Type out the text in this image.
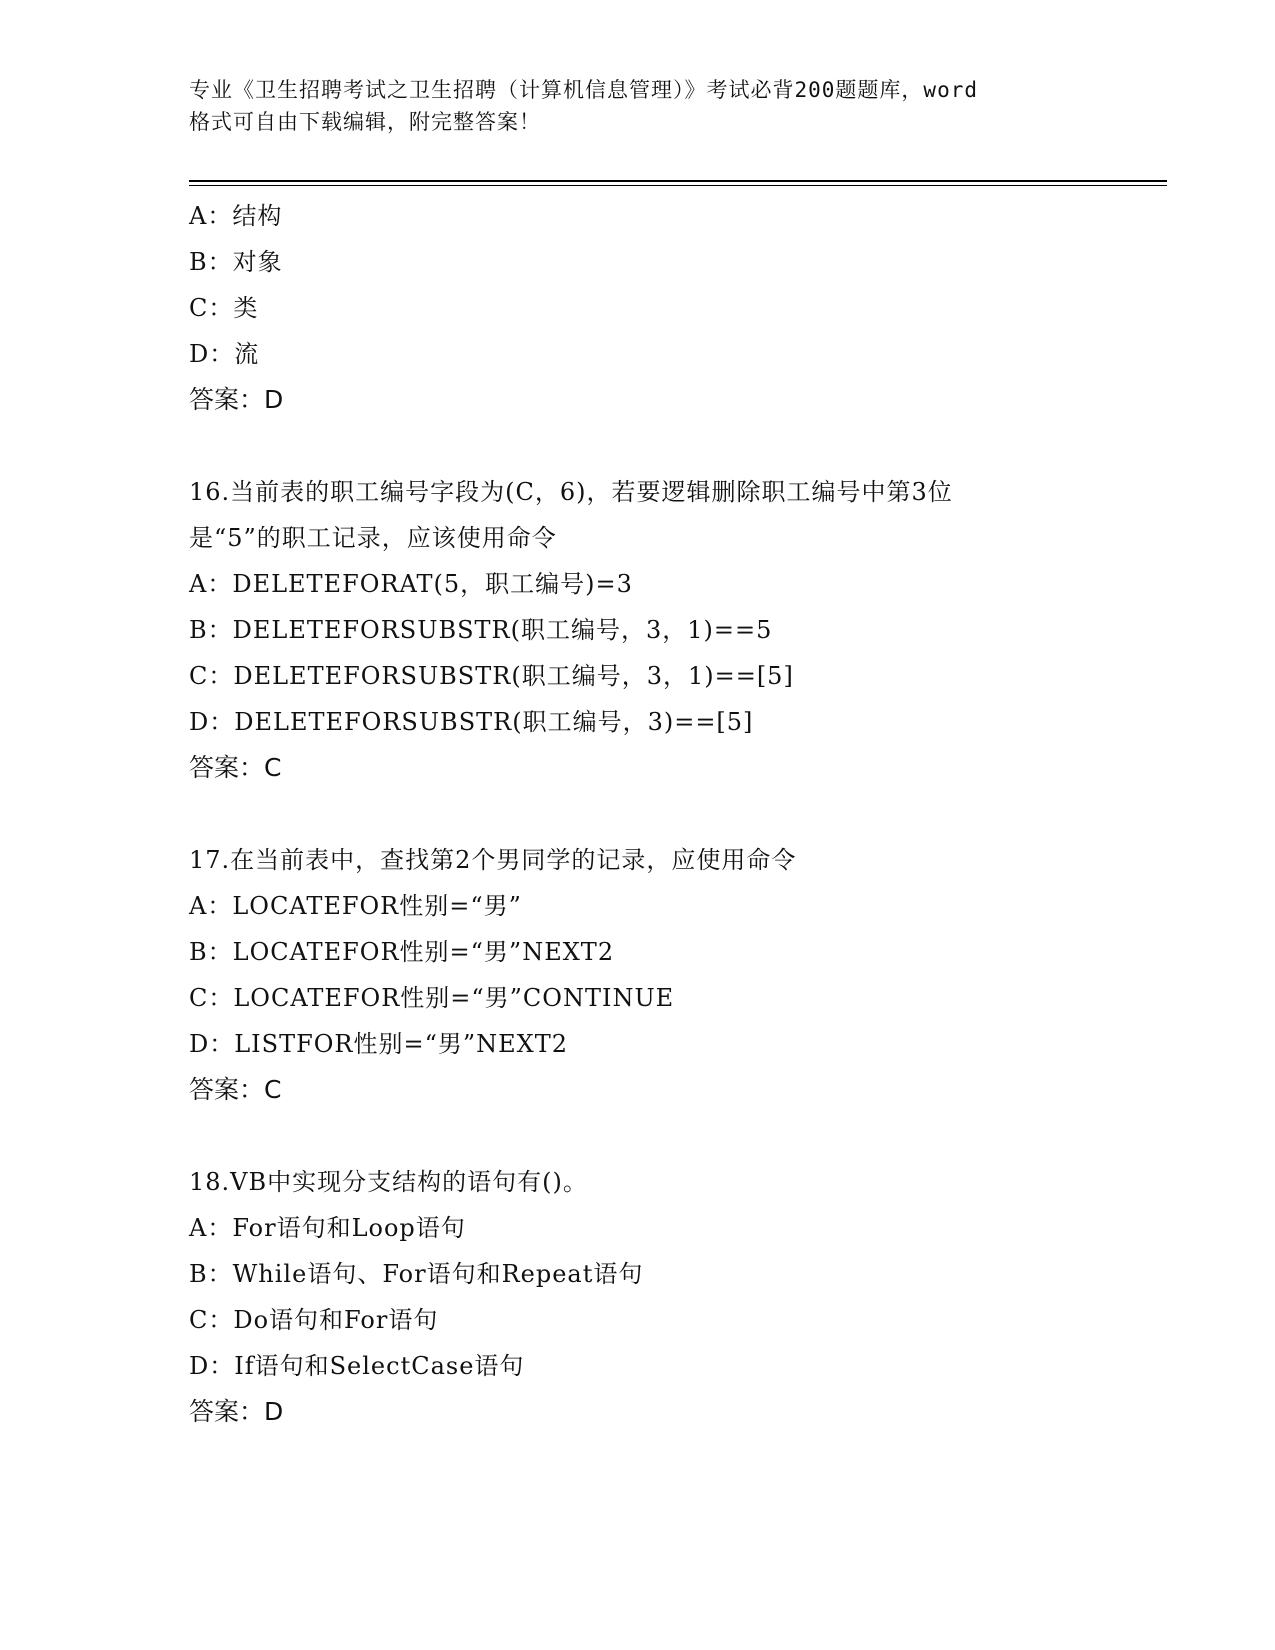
专业《卫生招聘考试之卫生招聘（计算机信息管理）》考试必背200题题库，word
格式可自由下载编辑，附完整答案！
A：结构
B：对象
C：类
D：流
答案：D
16.当前表的职工编号字段为(C，6)，若要逻辑删除职工编号中第3位
是“5”的职工记录，应该使用命令
A：DELETEFORAT(5，职工编号)=3
B：DELETEFORSUBSTR(职工编号，3，1)==5
C：DELETEFORSUBSTR(职工编号，3，1)==[5]
D：DELETEFORSUBSTR(职工编号，3)==[5]
答案：C
17.在当前表中，查找第2个男同学的记录，应使用命令
A：LOCATEFOR性别=“男”
B：LOCATEFOR性别=“男”NEXT2
C：LOCATEFOR性别=“男”CONTINUE
D：LISTFOR性别=“男”NEXT2
答案：C
18.VB中实现分支结构的语句有()。
A：For语句和Loop语句
B：While语句、For语句和Repeat语句
C：Do语句和For语句
D：If语句和SelectCase语句
答案：D
